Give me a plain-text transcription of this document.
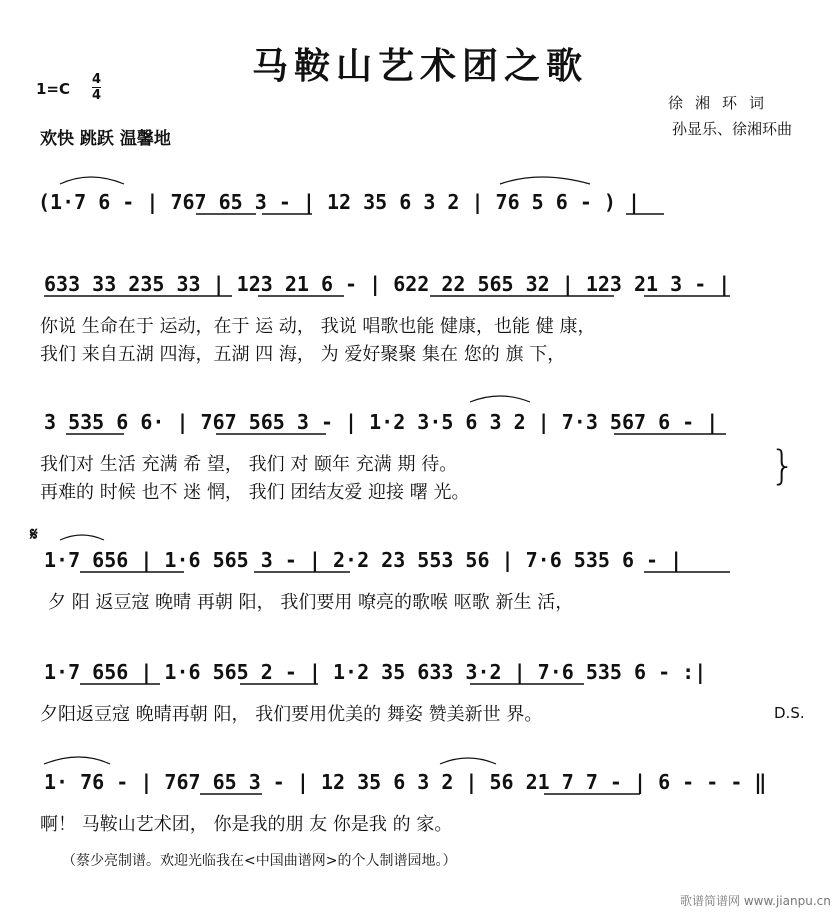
马鞍山艺术团之歌
1=C
4
4
欢快 跳跃 温馨地
徐湘环词
孙显乐、徐湘环曲
(1·7 6 - | 767 65 3 - | 12 35 6 3 2 | 76 5 6 - ) |
633 33 235 33 | 123 21 6 - | 622 22 565 32 | 123 21 3 - |
你说 生命在于 运动，在于 运 动， 我说 唱歌也能 健康，也能 健 康，
我们 来自五湖 四海，五湖 四 海， 为 爱好聚聚 集在 您的 旗 下，
3 535 6 6· | 767 565 3 - | 1·2 3·5 6 3 2 | 7·3 567 6 - |
我们对 生活 充满 希 望， 我们 对 颐年 充满 期 待。
再难的 时候 也不 迷 惘， 我们 团结友爱 迎接 曙 光。
}
𝄋
1·7 656 | 1·6 565 3 - | 2·2 23 553 56 | 7·6 535 6 - |
夕 阳 返豆寇 晚晴 再朝 阳， 我们要用 嘹亮的歌喉 呕歌 新生 活，
1·7 656 | 1·6 565 2 - | 1·2 35 633 3·2 | 7·6 535 6 - :|
夕阳返豆寇 晚晴再朝 阳， 我们要用优美的 舞姿 赞美新世 界。	D.S.
1· 76 - | 767 65 3 - | 12 35 6 3 2 | 56 21 7 7 - | 6 - - - ‖
啊！ 马鞍山艺术团， 你是我的朋 友 你是我 的 家。
（蔡少亮制谱。欢迎光临我在<中国曲谱网>的个人制谱园地。）
歌谱简谱网 www.jianpu.cn
